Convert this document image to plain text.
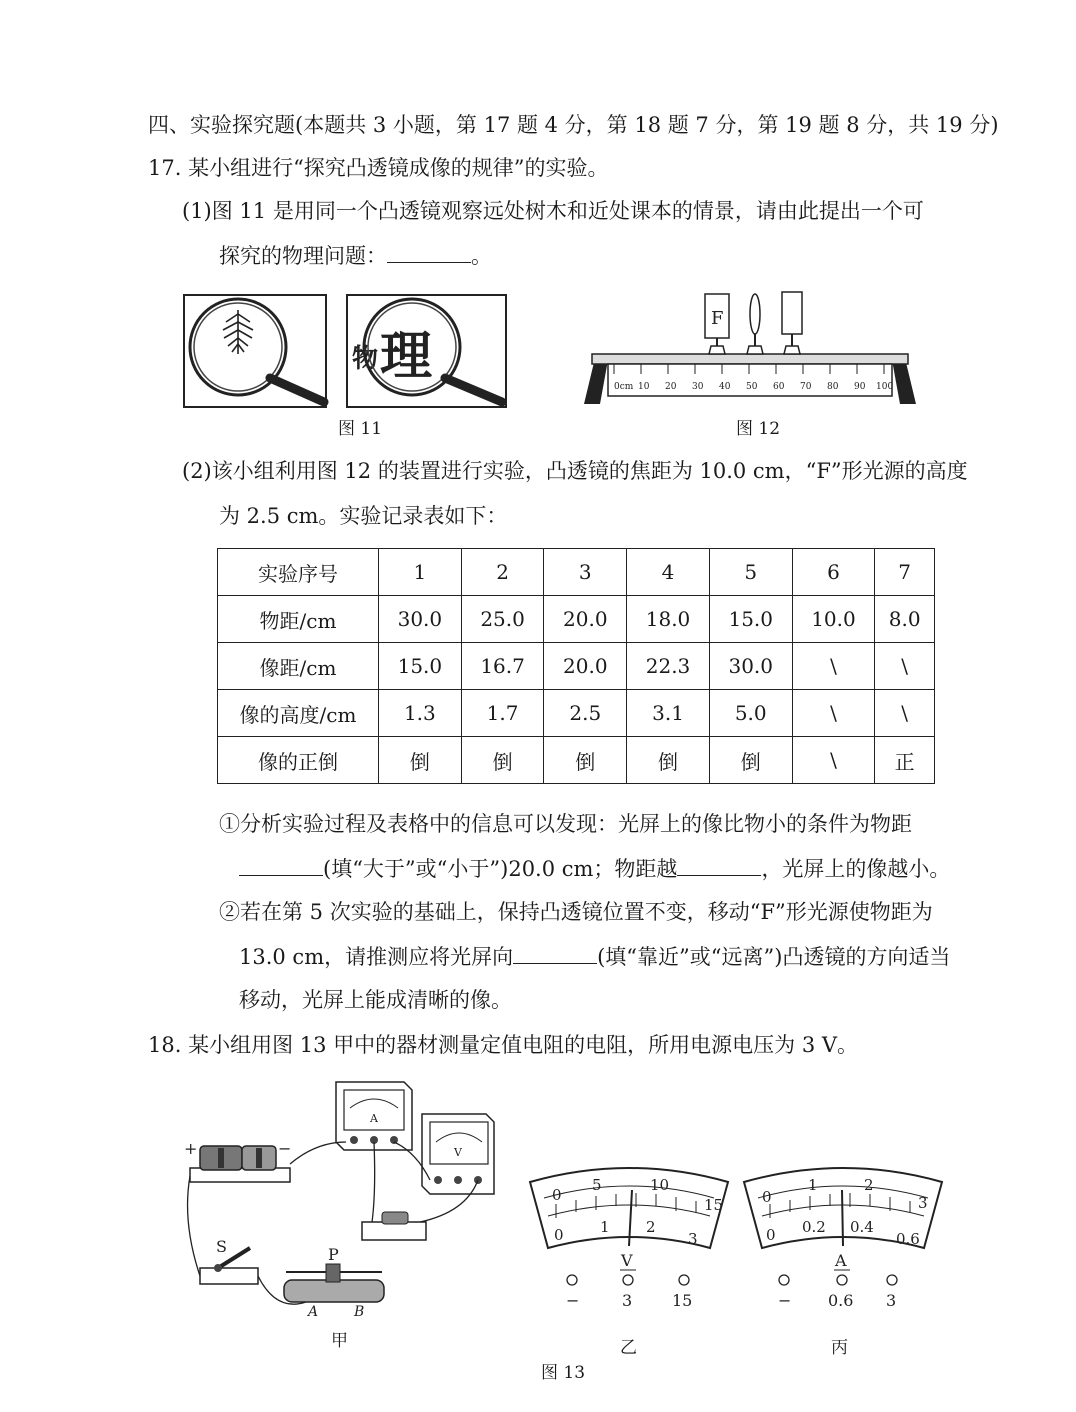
四、实验探究题(本题共 3 小题，第 17 题 4 分，第 18 题 7 分，第 19 题 8 分，共 19 分)
17. 某小组进行“探究凸透镜成像的规律”的实验。
(1)图 11 是用同一个凸透镜观察远处树木和近处课本的情景，请由此提出一个可
探究的物理问题：	。
物 理
图 11
0cm 10 20 30 40 50 60 70 80 90 100
F
图 12
(2)该小组利用图 12 的装置进行实验，凸透镜的焦距为 10.0 cm，“F”形光源的高度
为 2.5 cm。实验记录表如下：
实验序号	1	2	3	4	5	6	7
物距/cm	30.0	25.0	20.0	18.0	15.0	10.0	8.0
像距/cm	15.0	16.7	20.0	22.3	30.0	\	\
像的高度/cm	1.3	1.7	2.5	3.1	5.0	\	\
像的正倒	倒	倒	倒	倒	倒	\	正
①分析实验过程及表格中的信息可以发现：光屏上的像比物小的条件为物距
(填“大于”或“小于”)20.0 cm；物距越	，光屏上的像越小。
②若在第 5 次实验的基础上，保持凸透镜位置不变，移动“F”形光源使物距为
13.0 cm，请推测应将光屏向	(填“靠近”或“远离”)凸透镜的方向适当
移动，光屏上能成清晰的像。
18. 某小组用图 13 甲中的器材测量定值电阻的电阻，所用电源电压为 3 V。
+	−
A
V
S	P
A	B
甲
0
5	10
15
0 1 2
3
V
−	3 15
乙
0
1	2
3
0 0.2 0.4
0.6
A
− 0.6 3
丙
图 13
